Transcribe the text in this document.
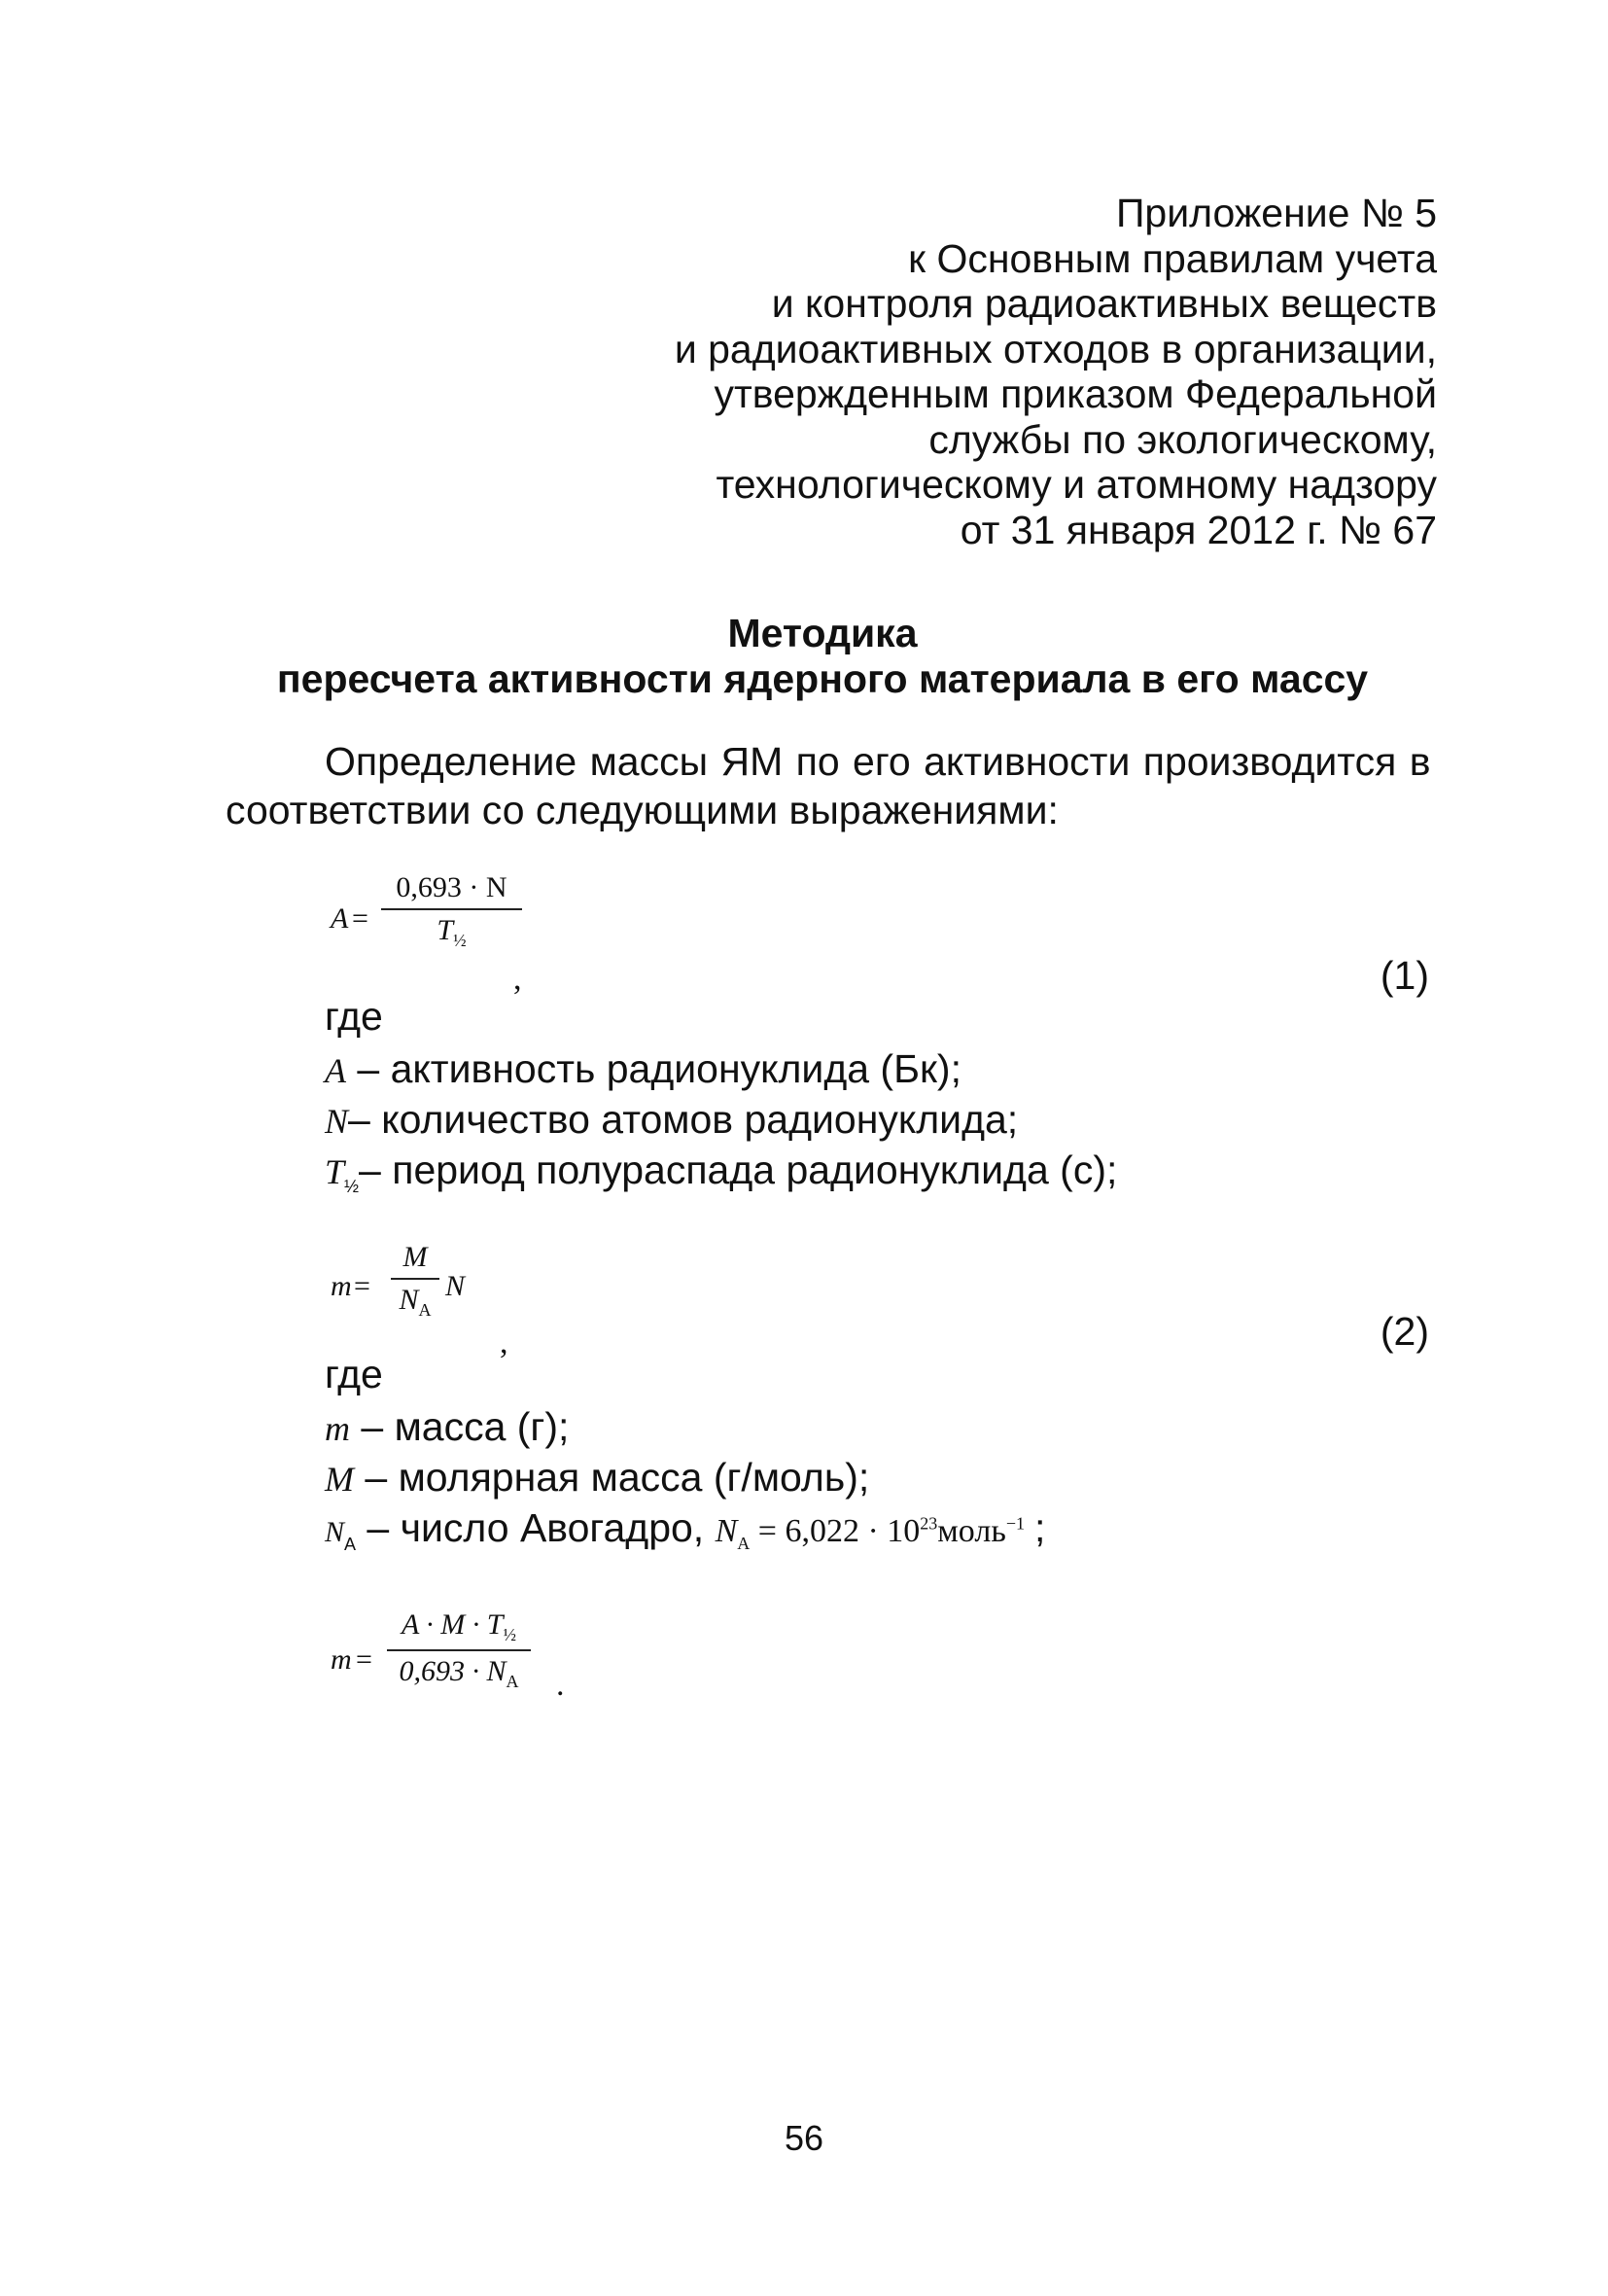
Приложение № 5
к Основным правилам учета
и контроля радиоактивных веществ
и радиоактивных отходов в организации,
утвержденным приказом Федеральной
службы по экологическому,
технологическому и атомному надзору
от 31 января 2012 г. № 67
Методика
пересчета активности ядерного материала в его массу
Определение массы ЯМ по его активности производится в
соответствии со следующими выражениями:
A =
0,693 · N
$T_{\frac{1}{2}}$
,	(1)
где
A – активность радионуклида (Бк);
N– количество атомов радионуклида;
$T_{\frac{1}{2}}-$ период полураспада радионуклида (с);
m =
M
$N_A$
N
,	(2)
где
m – масса (г);
M – молярная масса (г/моль);
$N_A$ – число Авогадро, $N_A = 6,022$ · $10^{23}моль^{-1}$ ;
m =
$A \cdot M \cdot T_{\frac{1}{2}}$
$0,693 \cdot N_A$	.
56
